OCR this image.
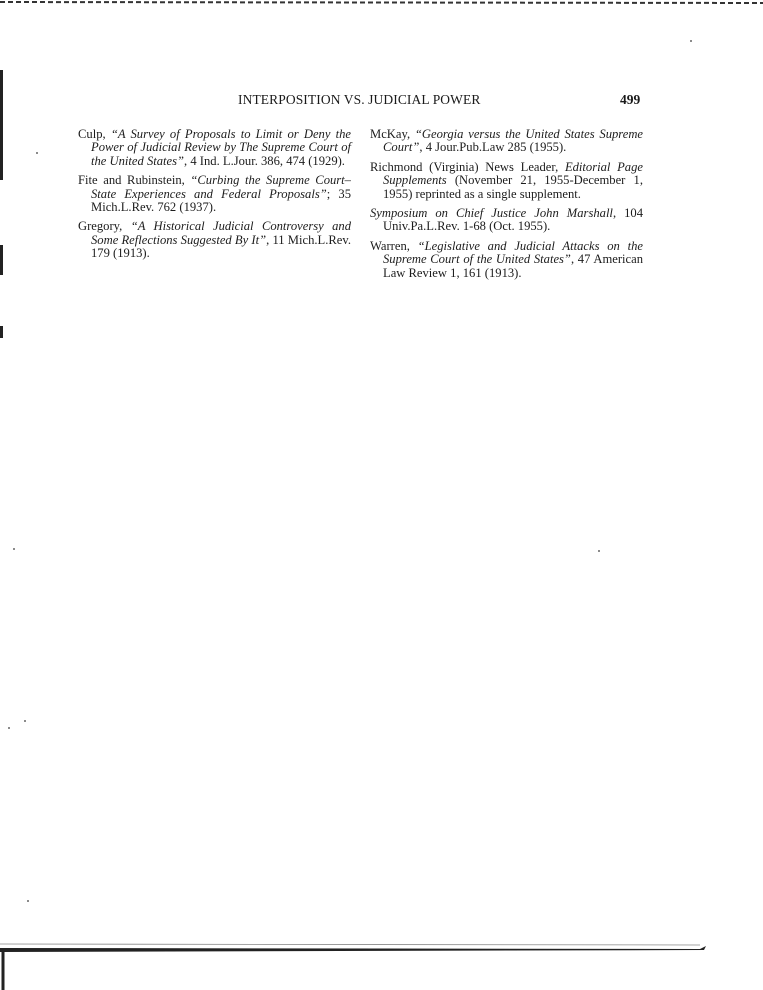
INTERPOSITION VS. JUDICIAL POWER	499

Culp, “A Survey of Proposals to Limit or Deny the Power of Judicial Review by The Supreme Court of the United States”, 4 Ind. L.Jour. 386, 474 (1929).

Fite and Rubinstein, “Curbing the Supreme Court–State Experiences and Federal Proposals”; 35 Mich.L.Rev. 762 (1937).

Gregory, “A Historical Judicial Controversy and Some Reflections Suggested By It”, 11 Mich.L.Rev. 179 (1913).

McKay, “Georgia versus the United States Supreme Court”, 4 Jour.Pub.Law 285 (1955).

Richmond (Virginia) News Leader, Editorial Page Supplements (November 21, 1955-December 1, 1955) reprinted as a single supplement.

Symposium on Chief Justice John Marshall, 104 Univ.Pa.L.Rev. 1-68 (Oct. 1955).

Warren, “Legislative and Judicial Attacks on the Supreme Court of the United States”, 47 American Law Review 1, 161 (1913).
